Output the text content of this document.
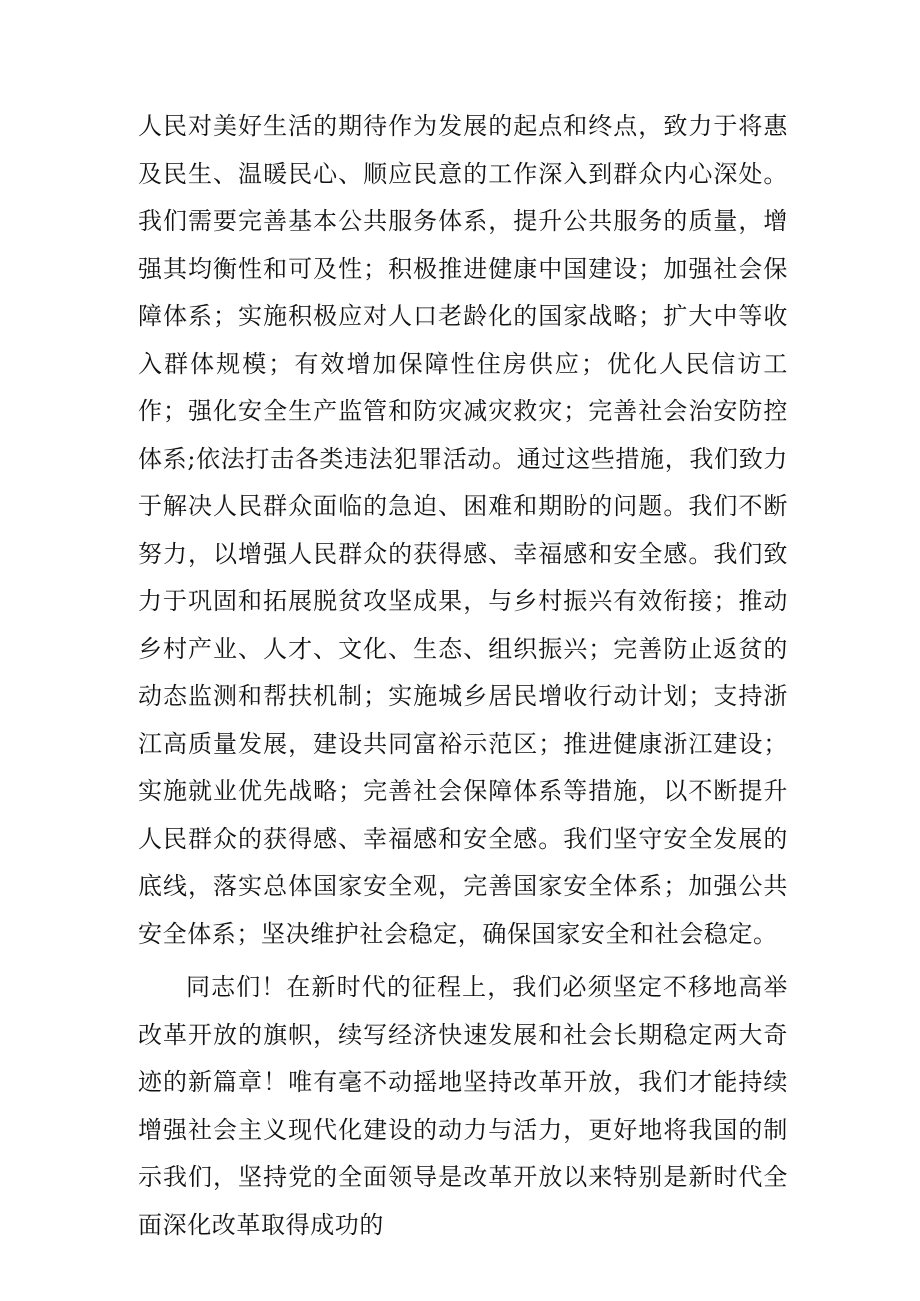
人民对美好生活的期待作为发展的起点和终点，致力于将惠及民生、温暖民心、顺应民意的工作深入到群众内心深处。我们需要完善基本公共服务体系，提升公共服务的质量，增强其均衡性和可及性；积极推进健康中国建设；加强社会保障体系；实施积极应对人口老龄化的国家战略；扩大中等收入群体规模；有效增加保障性住房供应；优化人民信访工作；强化安全生产监管和防灾减灾救灾；完善社会治安防控体系;依法打击各类违法犯罪活动。通过这些措施，我们致力于解决人民群众面临的急迫、困难和期盼的问题。我们不断努力，以增强人民群众的获得感、幸福感和安全感。我们致力于巩固和拓展脱贫攻坚成果，与乡村振兴有效衔接；推动乡村产业、人才、文化、生态、组织振兴；完善防止返贫的动态监测和帮扶机制；实施城乡居民增收行动计划；支持浙江高质量发展，建设共同富裕示范区；推进健康浙江建设；实施就业优先战略；完善社会保障体系等措施，以不断提升人民群众的获得感、幸福感和安全感。我们坚守安全发展的底线，落实总体国家安全观，完善国家安全体系；加强公共安全体系；坚决维护社会稳定，确保国家安全和社会稳定。

同志们！在新时代的征程上，我们必须坚定不移地高举改革开放的旗帜，续写经济快速发展和社会长期稳定两大奇迹的新篇章！唯有毫不动摇地坚持改革开放，我们才能持续增强社会主义现代化建设的动力与活力，更好地将我国的制示我们，坚持党的全面领导是改革开放以来特别是新时代全面深化改革取得成功的
